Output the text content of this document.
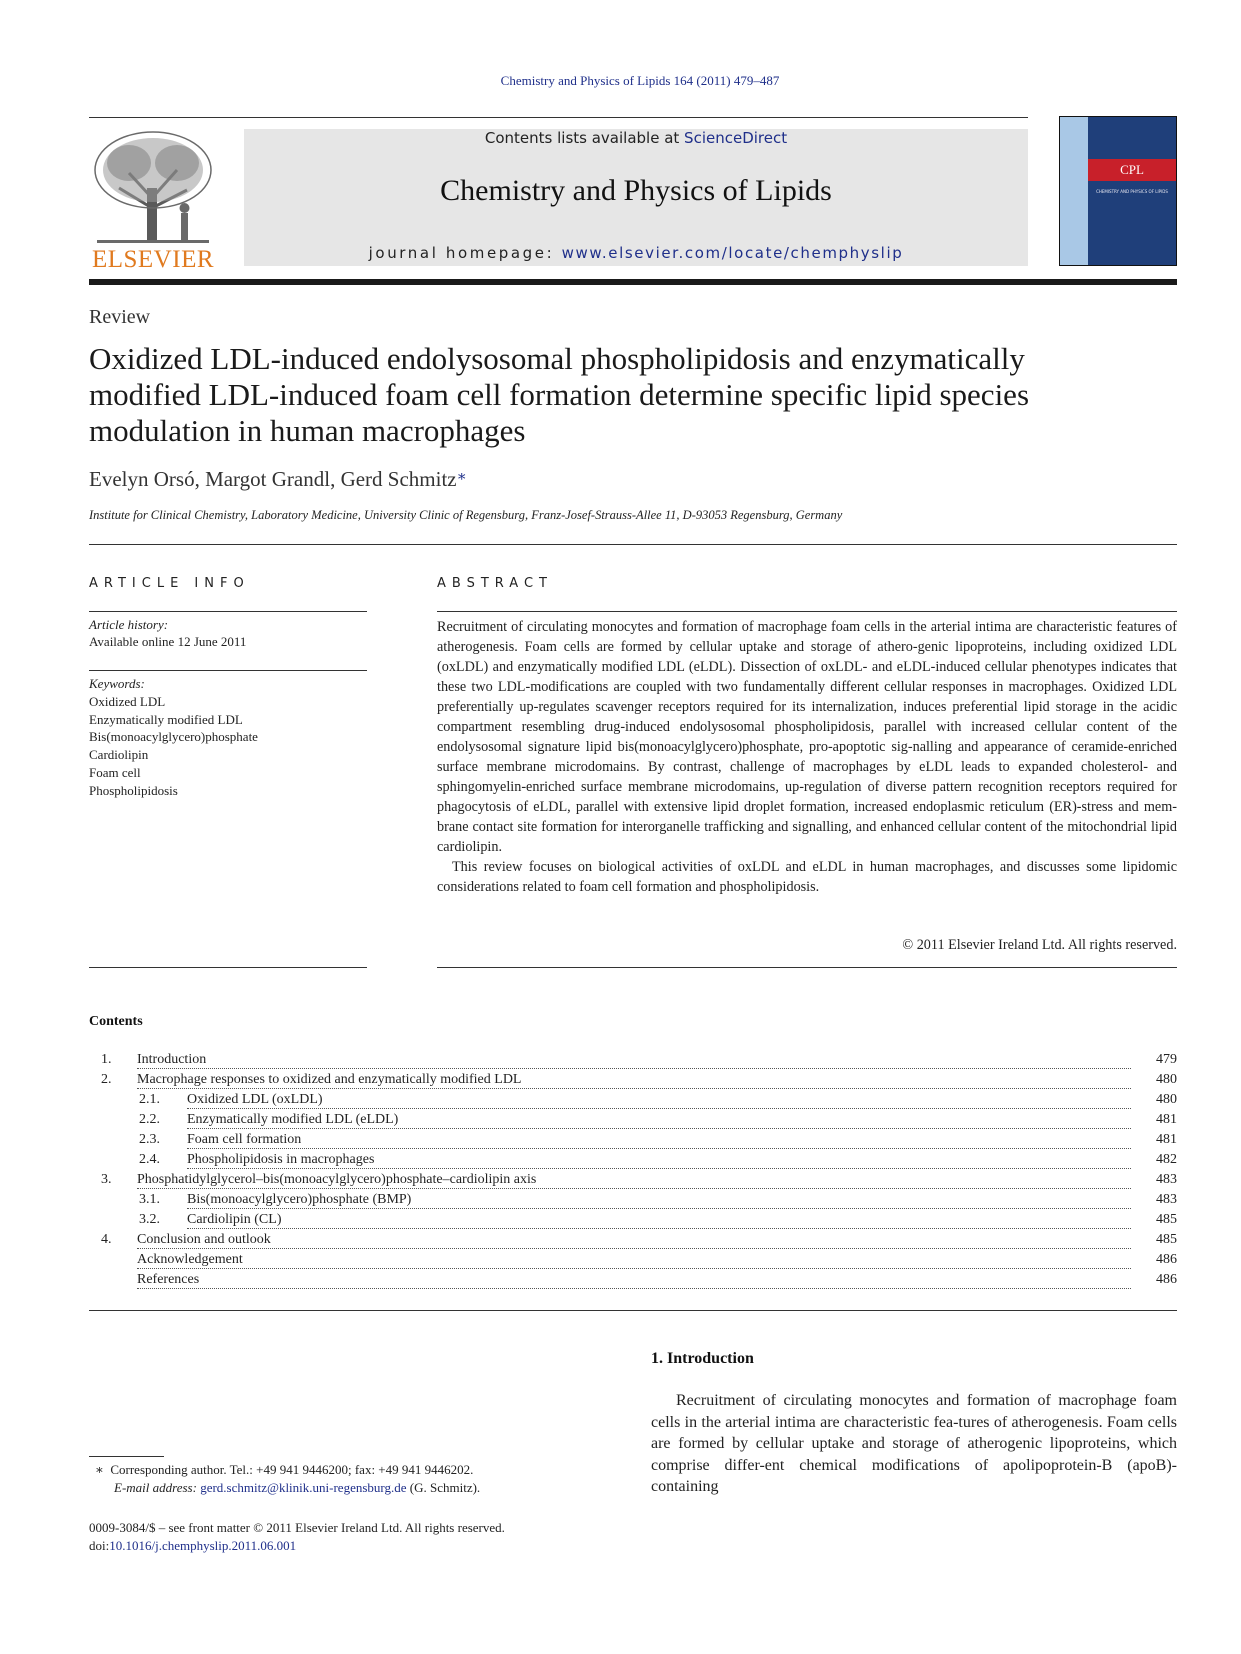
Chemistry and Physics of Lipids 164 (2011) 479–487
ELSEVIER
Contents lists available at ScienceDirect
Chemistry and Physics of Lipids
journal homepage: www.elsevier.com/locate/chemphyslip
CPL
CHEMISTRY AND PHYSICS OF LIPIDS
Review
Oxidized LDL-induced endolysosomal phospholipidosis and enzymatically
modified LDL-induced foam cell formation determine specific lipid species
modulation in human macrophages
Evelyn Orsó, Margot Grandl, Gerd Schmitz∗
Institute for Clinical Chemistry, Laboratory Medicine, University Clinic of Regensburg, Franz-Josef-Strauss-Allee 11, D-93053 Regensburg, Germany
ARTICLE INFO
Article history:
Available online 12 June 2011
Keywords:
Oxidized LDL
Enzymatically modified LDL
Bis(monoacylglycero)phosphate
Cardiolipin
Foam cell
Phospholipidosis
ABSTRACT

Recruitment of circulating monocytes and formation of macrophage foam cells in the arterial intima are characteristic features of atherogenesis. Foam cells are formed by cellular uptake and storage of athero-genic lipoproteins, including oxidized LDL (oxLDL) and enzymatically modified LDL (eLDL). Dissection of oxLDL- and eLDL-induced cellular phenotypes indicates that these two LDL-modifications are coupled with two fundamentally different cellular responses in macrophages. Oxidized LDL preferentially up-regulates scavenger receptors required for its internalization, induces preferential lipid storage in the acidic compartment resembling drug-induced endolysosomal phospholipidosis, parallel with increased cellular content of the endolysosomal signature lipid bis(monoacylglycero)phosphate, pro-apoptotic sig-nalling and appearance of ceramide-enriched surface membrane microdomains. By contrast, challenge of macrophages by eLDL leads to expanded cholesterol- and sphingomyelin-enriched surface membrane microdomains, up-regulation of diverse pattern recognition receptors required for phagocytosis of eLDL, parallel with extensive lipid droplet formation, increased endoplasmic reticulum (ER)-stress and mem-brane contact site formation for interorganelle trafficking and signalling, and enhanced cellular content of the mitochondrial lipid cardiolipin.

This review focuses on biological activities of oxLDL and eLDL in human macrophages, and discusses some lipidomic considerations related to foam cell formation and phospholipidosis.

© 2011 Elsevier Ireland Ltd. All rights reserved.
Contents
1. Introduction	479
2. Macrophage responses to oxidized and enzymatically modified LDL	480
2.1. Oxidized LDL (oxLDL)	480
2.2. Enzymatically modified LDL (eLDL)	481
2.3. Foam cell formation	481
2.4. Phospholipidosis in macrophages	482
3. Phosphatidylglycerol–bis(monoacylglycero)phosphate–cardiolipin axis	483
3.1. Bis(monoacylglycero)phosphate (BMP)	483
3.2. Cardiolipin (CL)	485
4. Conclusion and outlook	485
Acknowledgement	486
References	486
1. Introduction
Recruitment of circulating monocytes and formation of macrophage foam cells in the arterial intima are characteristic fea-tures of atherogenesis. Foam cells are formed by cellular uptake and storage of atherogenic lipoproteins, which comprise differ-ent chemical modifications of apolipoprotein-B (apoB)-containing
∗ Corresponding author. Tel.: +49 941 9446200; fax: +49 941 9446202.
E-mail address: gerd.schmitz@klinik.uni-regensburg.de (G. Schmitz).
0009-3084/$ – see front matter © 2011 Elsevier Ireland Ltd. All rights reserved.
doi:10.1016/j.chemphyslip.2011.06.001
